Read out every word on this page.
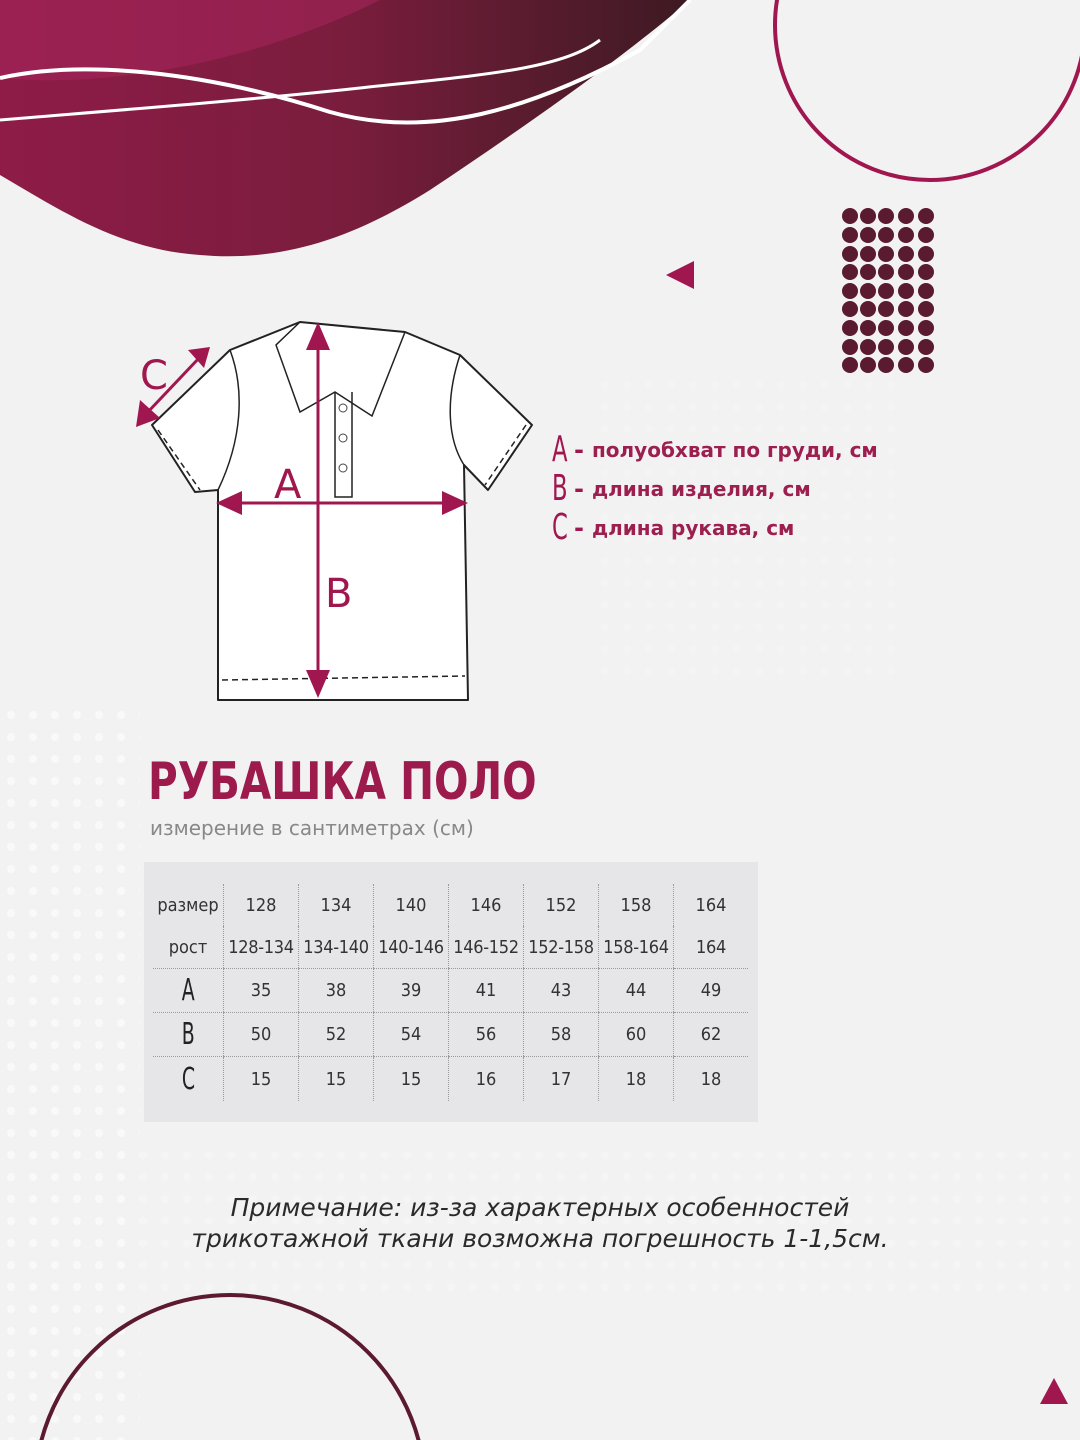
A
B
C
A - полуобхват по груди, см
B - длина изделия, см
C - длина рукава, см
РУБАШКА ПОЛО
измерение в сантиметрах (см)
размер	128	134	140	146	152	158	164
рост	128-134	134-140	140-146	146-152	152-158	158-164	164
A	35	38	39	41	43	44	49
B	50	52	54	56	58	60	62
C	15	15	15	16	17	18	18
Примечание: из-за характерных особенностей
трикотажной ткани возможна погрешность 1-1,5см.
